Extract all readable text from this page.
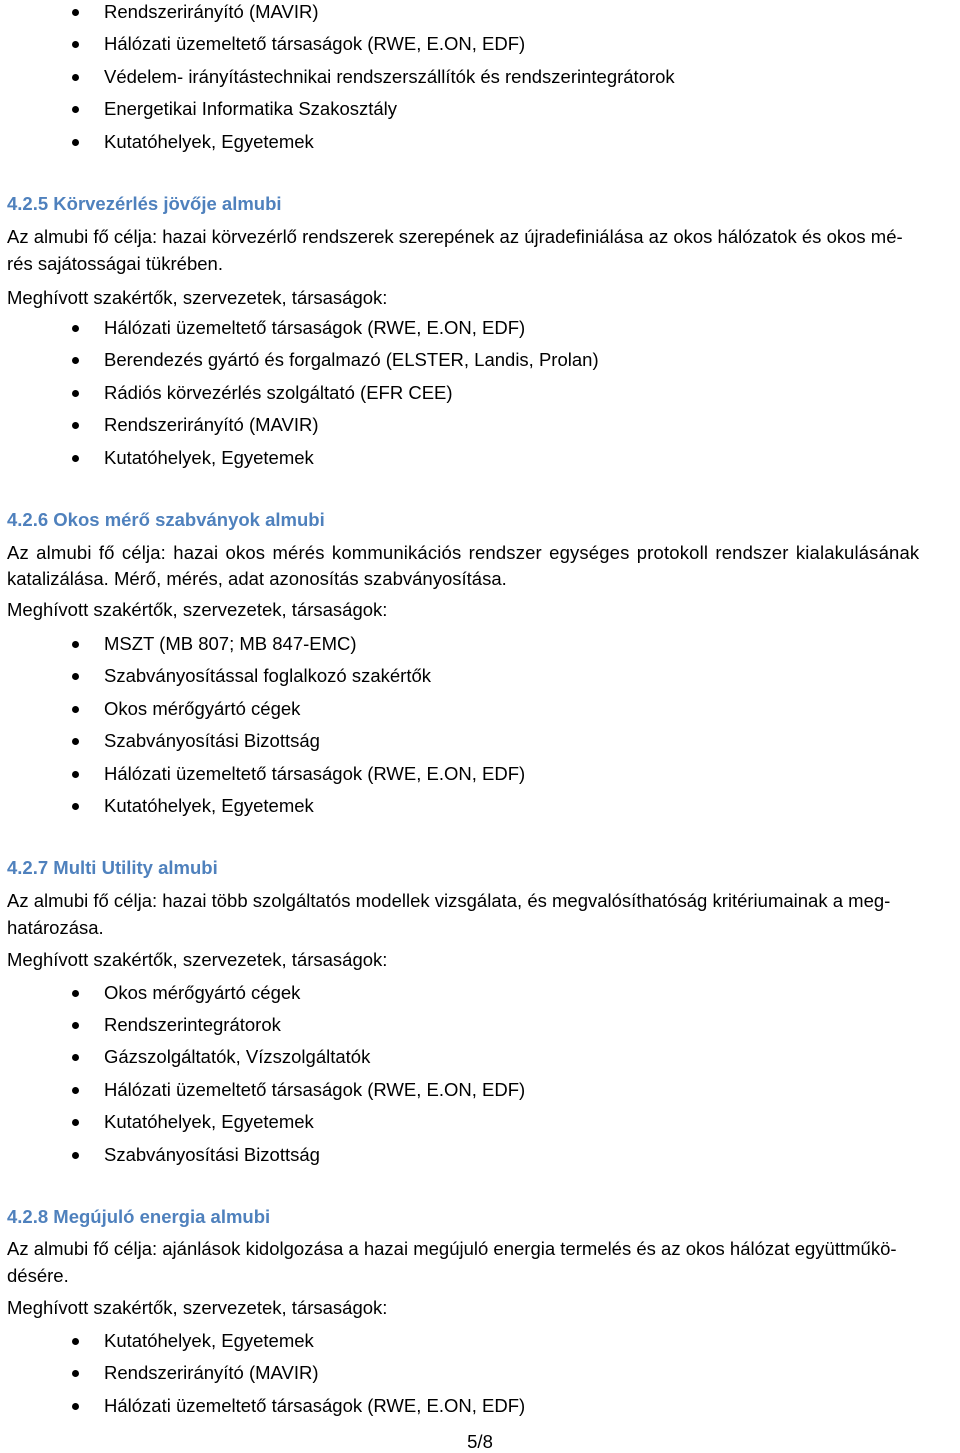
Rendszerirányító (MAVIR)
Hálózati üzemeltető társaságok (RWE, E.ON, EDF)
Védelem- irányítástechnikai rendszerszállítók és rendszerintegrátorok
Energetikai Informatika Szakosztály
Kutatóhelyek, Egyetemek
4.2.5 Körvezérlés jövője almubi
Az almubi fő célja: hazai körvezérlő rendszerek szerepének az újradefiniálása az okos hálózatok és okos mé-
rés sajátosságai tükrében.
Meghívott szakértők, szervezetek, társaságok:
Hálózati üzemeltető társaságok (RWE, E.ON, EDF)
Berendezés gyártó és forgalmazó (ELSTER, Landis, Prolan)
Rádiós körvezérlés szolgáltató (EFR CEE)
Rendszerirányító (MAVIR)
Kutatóhelyek, Egyetemek
4.2.6 Okos mérő szabványok almubi
Az almubi fő célja: hazai okos mérés kommunikációs rendszer egységes protokoll rendszer kialakulásának
katalizálása. Mérő, mérés, adat azonosítás szabványosítása.
Meghívott szakértők, szervezetek, társaságok:
MSZT (MB 807; MB 847-EMC)
Szabványosítással foglalkozó szakértők
Okos mérőgyártó cégek
Szabványosítási Bizottság
Hálózati üzemeltető társaságok (RWE, E.ON, EDF)
Kutatóhelyek, Egyetemek
4.2.7 Multi Utility almubi
Az almubi fő célja: hazai több szolgáltatós modellek vizsgálata, és megvalósíthatóság kritériumainak a meg-
határozása.
Meghívott szakértők, szervezetek, társaságok:
Okos mérőgyártó cégek
Rendszerintegrátorok
Gázszolgáltatók, Vízszolgáltatók
Hálózati üzemeltető társaságok (RWE, E.ON, EDF)
Kutatóhelyek, Egyetemek
Szabványosítási Bizottság
4.2.8 Megújuló energia almubi
Az almubi fő célja: ajánlások kidolgozása a hazai megújuló energia termelés és az okos hálózat együttműkö-
désére.
Meghívott szakértők, szervezetek, társaságok:
Kutatóhelyek, Egyetemek
Rendszerirányító (MAVIR)
Hálózati üzemeltető társaságok (RWE, E.ON, EDF)
5/8
